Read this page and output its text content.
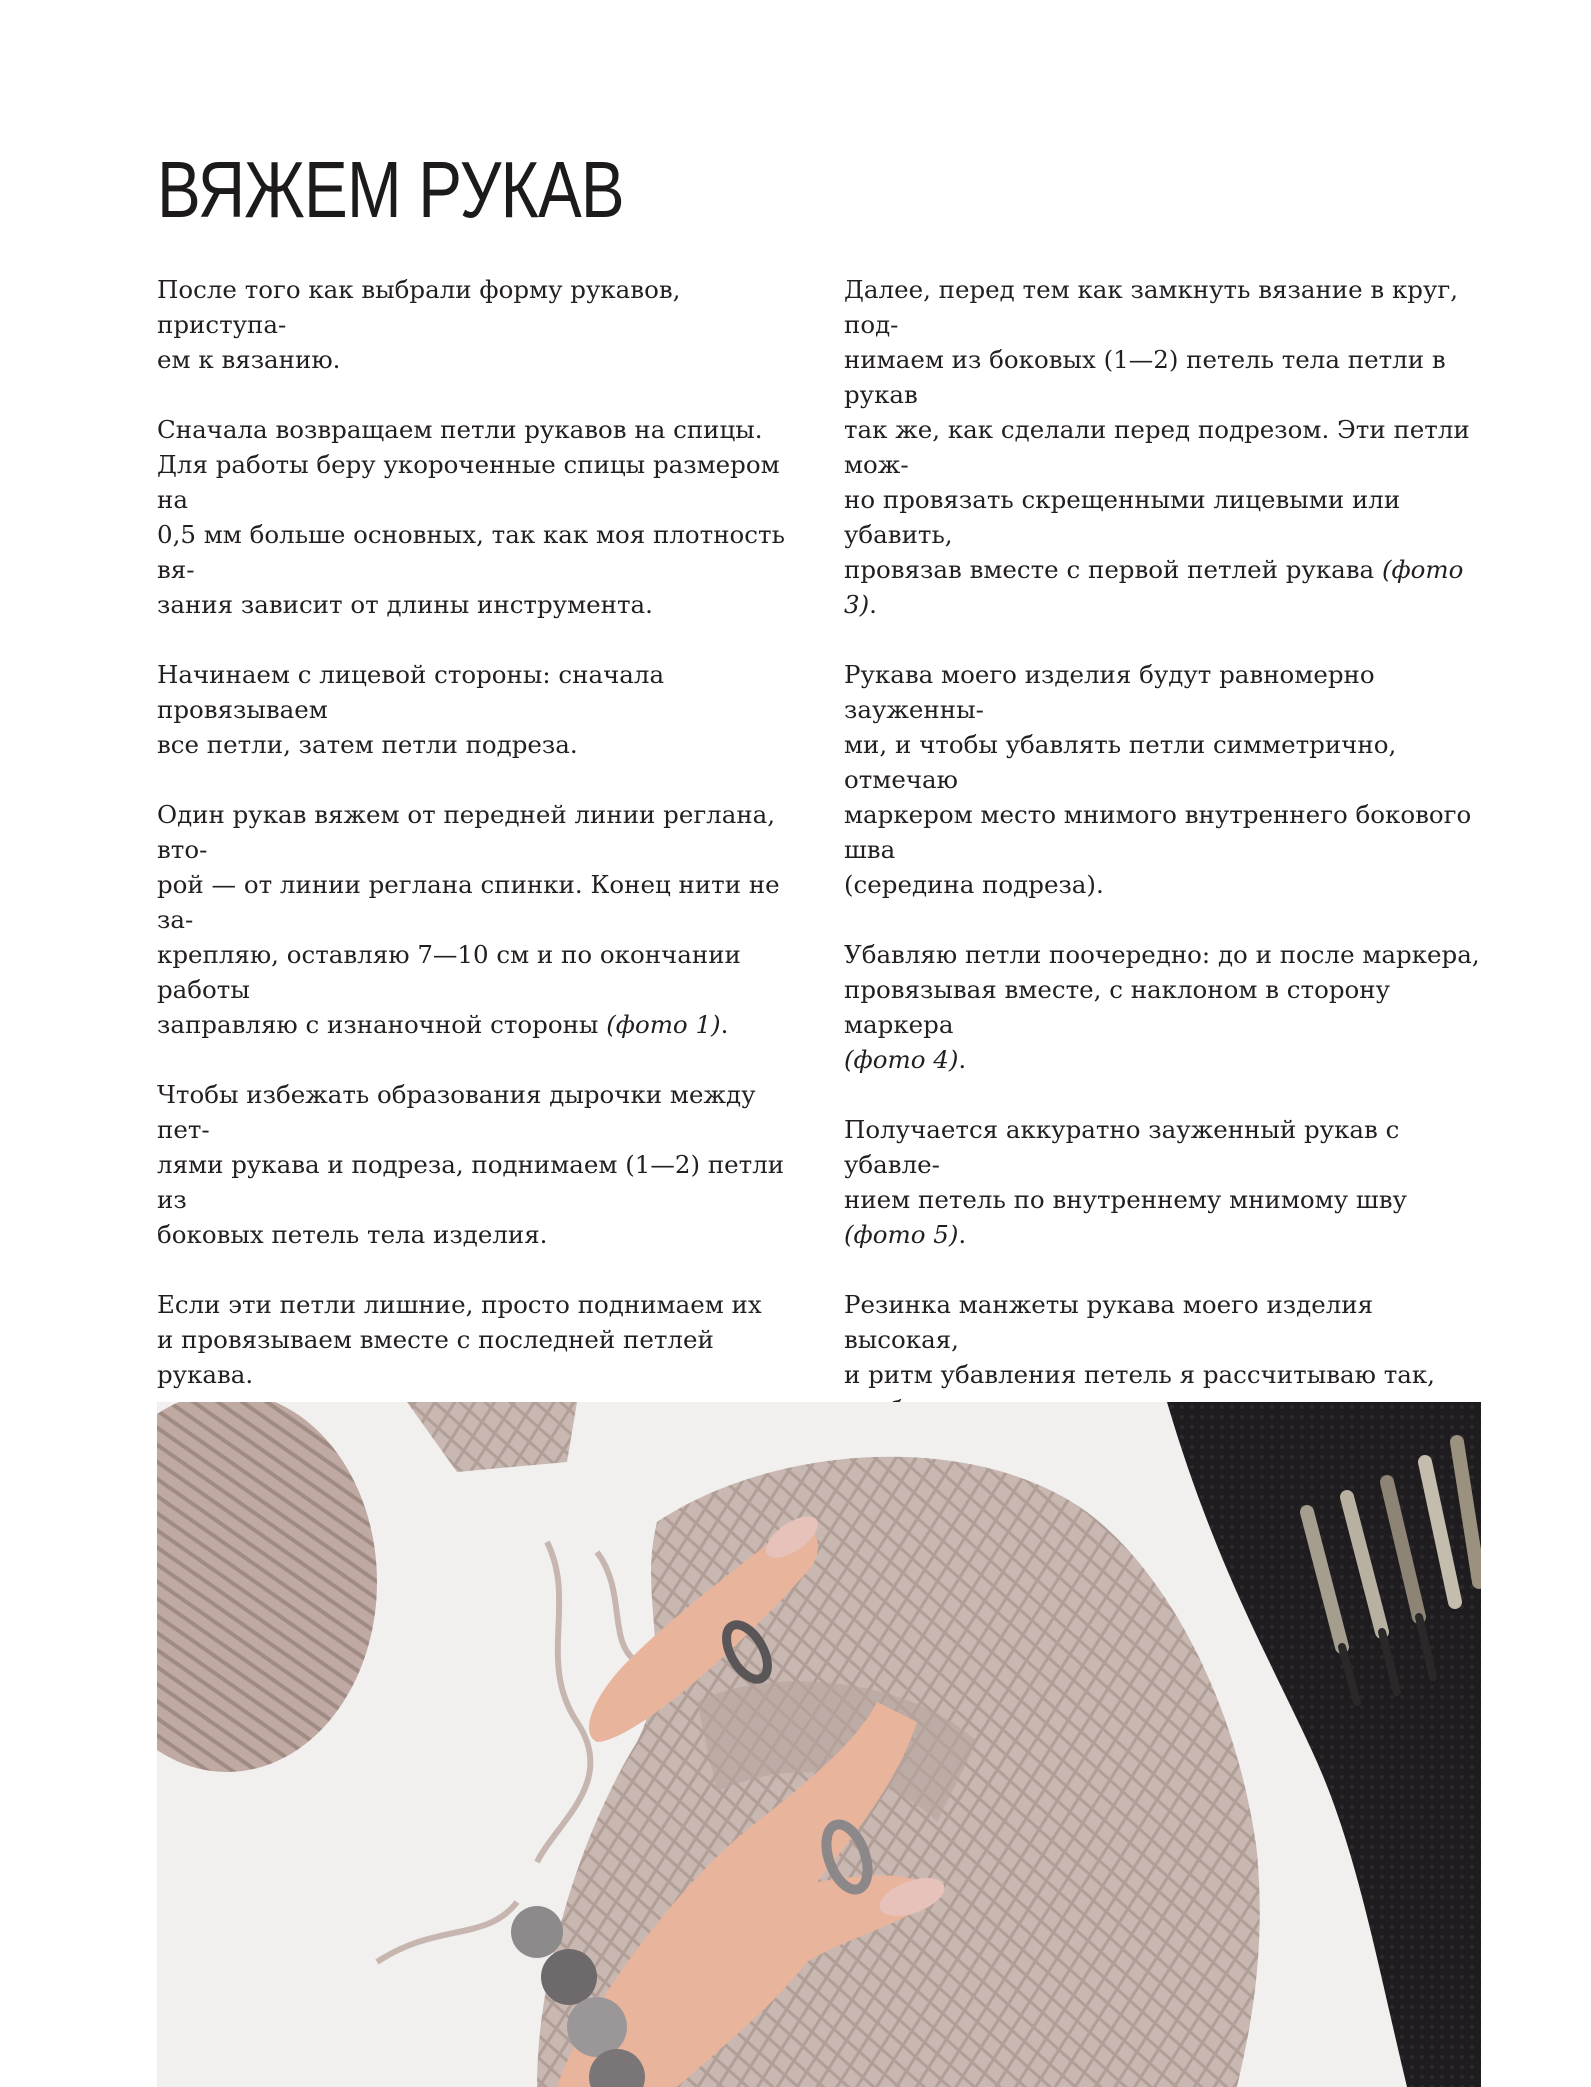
ВЯЖЕМ РУКАВ

После того как выбрали форму рукавов, приступа-
ем к вязанию.

Сначала возвращаем петли рукавов на спицы.
Для работы беру укороченные спицы размером на
0,5 мм больше основных, так как моя плотность вя-
зания зависит от длины инструмента.

Начинаем с лицевой стороны: сначала провязываем
все петли, затем петли подреза.

Один рукав вяжем от передней линии реглана, вто-
рой — от линии реглана спинки. Конец нити не за-
крепляю, оставляю 7—10 см и по окончании работы
заправляю с изнаночной стороны (фото 1).

Чтобы избежать образования дырочки между пет-
лями рукава и подреза, поднимаем (1—2) петли из
боковых петель тела изделия.

Если эти петли лишние, просто поднимаем их
и провязываем вместе с последней петлей рукава.

Далее, перед тем как замкнуть вязание в круг, под-
нимаем из боковых (1—2) петель тела петли в рукав
так же, как сделали перед подрезом. Эти петли мож-
но провязать скрещенными лицевыми или убавить,
провязав вместе с первой петлей рукава (фото 3).

Рукава моего изделия будут равномерно зауженны-
ми, и чтобы убавлять петли симметрично, отмечаю
маркером место мнимого внутреннего бокового шва
(середина подреза).

Убавляю петли поочередно: до и после маркера,
провязывая вместе, с наклоном в сторону маркера
(фото 4).

Получается аккуратно зауженный рукав с убавле-
нием петель по внутреннему мнимому шву (фото 5).

Резинка манжеты рукава моего изделия высокая,
и ритм убавления петель я рассчитываю так,
